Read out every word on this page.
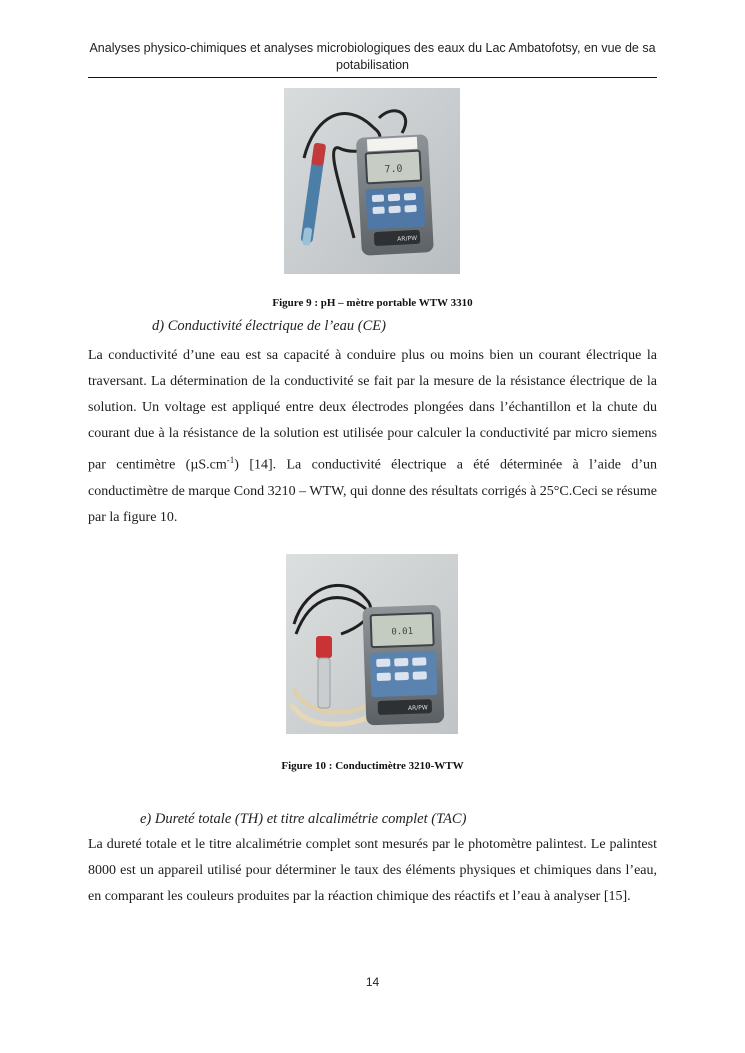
Analyses physico-chimiques et analyses microbiologiques des eaux du Lac Ambatofotsy, en vue de sa potabilisation
7.0
AR/PW
Figure 9 : pH – mètre portable WTW 3310
d) Conductivité électrique de l’eau (CE)

La conductivité d’une eau est sa capacité à conduire plus ou moins bien un courant électrique la traversant. La détermination de la conductivité se fait par la mesure de la résistance électrique de la solution. Un voltage est appliqué entre deux électrodes plongées dans l’échantillon et la chute du courant due à la résistance de la solution est utilisée pour calculer la conductivité par micro siemens par centimètre $(\mu S.cm^{-1})$ [14]. La conductivité électrique a été déterminée à l’aide d’un conductimètre de marque Cond 3210 – WTW, qui donne des résultats corrigés à 25°C.Ceci se résume par la figure 10.

0.01
AR/PW
Figure 10 : Conductimètre 3210-WTW
e) Dureté totale (TH) et titre alcalimétrie complet (TAC)

La dureté totale et le titre alcalimétrie complet sont mesurés par le photomètre palintest. Le palintest 8000 est un appareil utilisé pour déterminer le taux des éléments physiques et chimiques dans l’eau, en comparant les couleurs produites par la réaction chimique des réactifs et l’eau à analyser [15].

14
